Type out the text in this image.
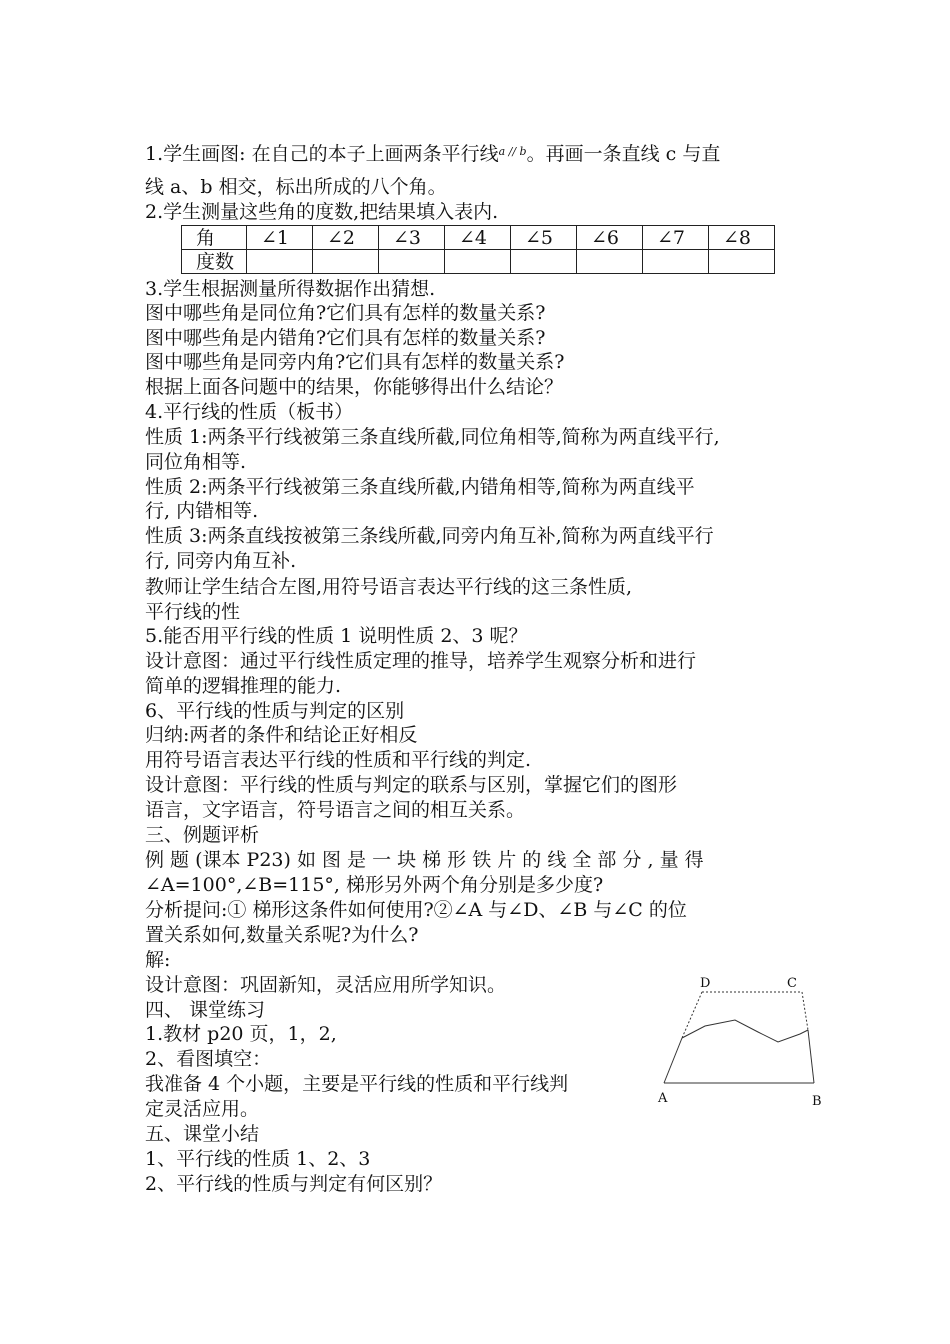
1.学生画图: 在自己的本子上画两条平行线$^{a // b}$。再画一条直线 c 与直
线 a、b 相交，标出所成的八个角。
2.学生测量这些角的度数,把结果填入表内.
角	∠1	∠2	∠3	∠4	∠5	∠6	∠7	∠8
度数								
3.学生根据测量所得数据作出猜想.
图中哪些角是同位角?它们具有怎样的数量关系?
图中哪些角是内错角?它们具有怎样的数量关系?
图中哪些角是同旁内角?它们具有怎样的数量关系?
根据上面各问题中的结果，你能够得出什么结论？
4.平行线的性质（板书）
性质 1:两条平行线被第三条直线所截,同位角相等,简称为两直线平行,
同位角相等.
性质 2:两条平行线被第三条直线所截,内错角相等,简称为两直线平
行, 内错相等.
性质 3:两条直线按被第三条线所截,同旁内角互补,简称为两直线平行
行, 同旁内角互补.
教师让学生结合左图,用符号语言表达平行线的这三条性质,
平行线的性
5.能否用平行线的性质 1 说明性质 2、3 呢？
设计意图：通过平行线性质定理的推导，培养学生观察分析和进行
简单的逻辑推理的能力.
6、平行线的性质与判定的区别
归纳:两者的条件和结论正好相反
用符号语言表达平行线的性质和平行线的判定.
设计意图：平行线的性质与判定的联系与区别，掌握它们的图形
语言，文字语言，符号语言之间的相互关系。
三、例题评析
例 题 (课本 P23) 如 图 是 一 块 梯 形 铁 片 的 线 全 部 分 , 量 得
∠A=100°,∠B=115°, 梯形另外两个角分别是多少度?
分析提问:① 梯形这条件如何使用?②∠A 与∠D、∠B 与∠C 的位
置关系如何,数量关系呢?为什么?
解:
设计意图：巩固新知，灵活应用所学知识。
四、 课堂练习
1.教材 p20 页，1，2,
2、看图填空：
我准备 4 个小题，主要是平行线的性质和平行线判
定灵活应用。
五、课堂小结
1、平行线的性质 1、2、3
2、平行线的性质与判定有何区别？
D	C
A	B
